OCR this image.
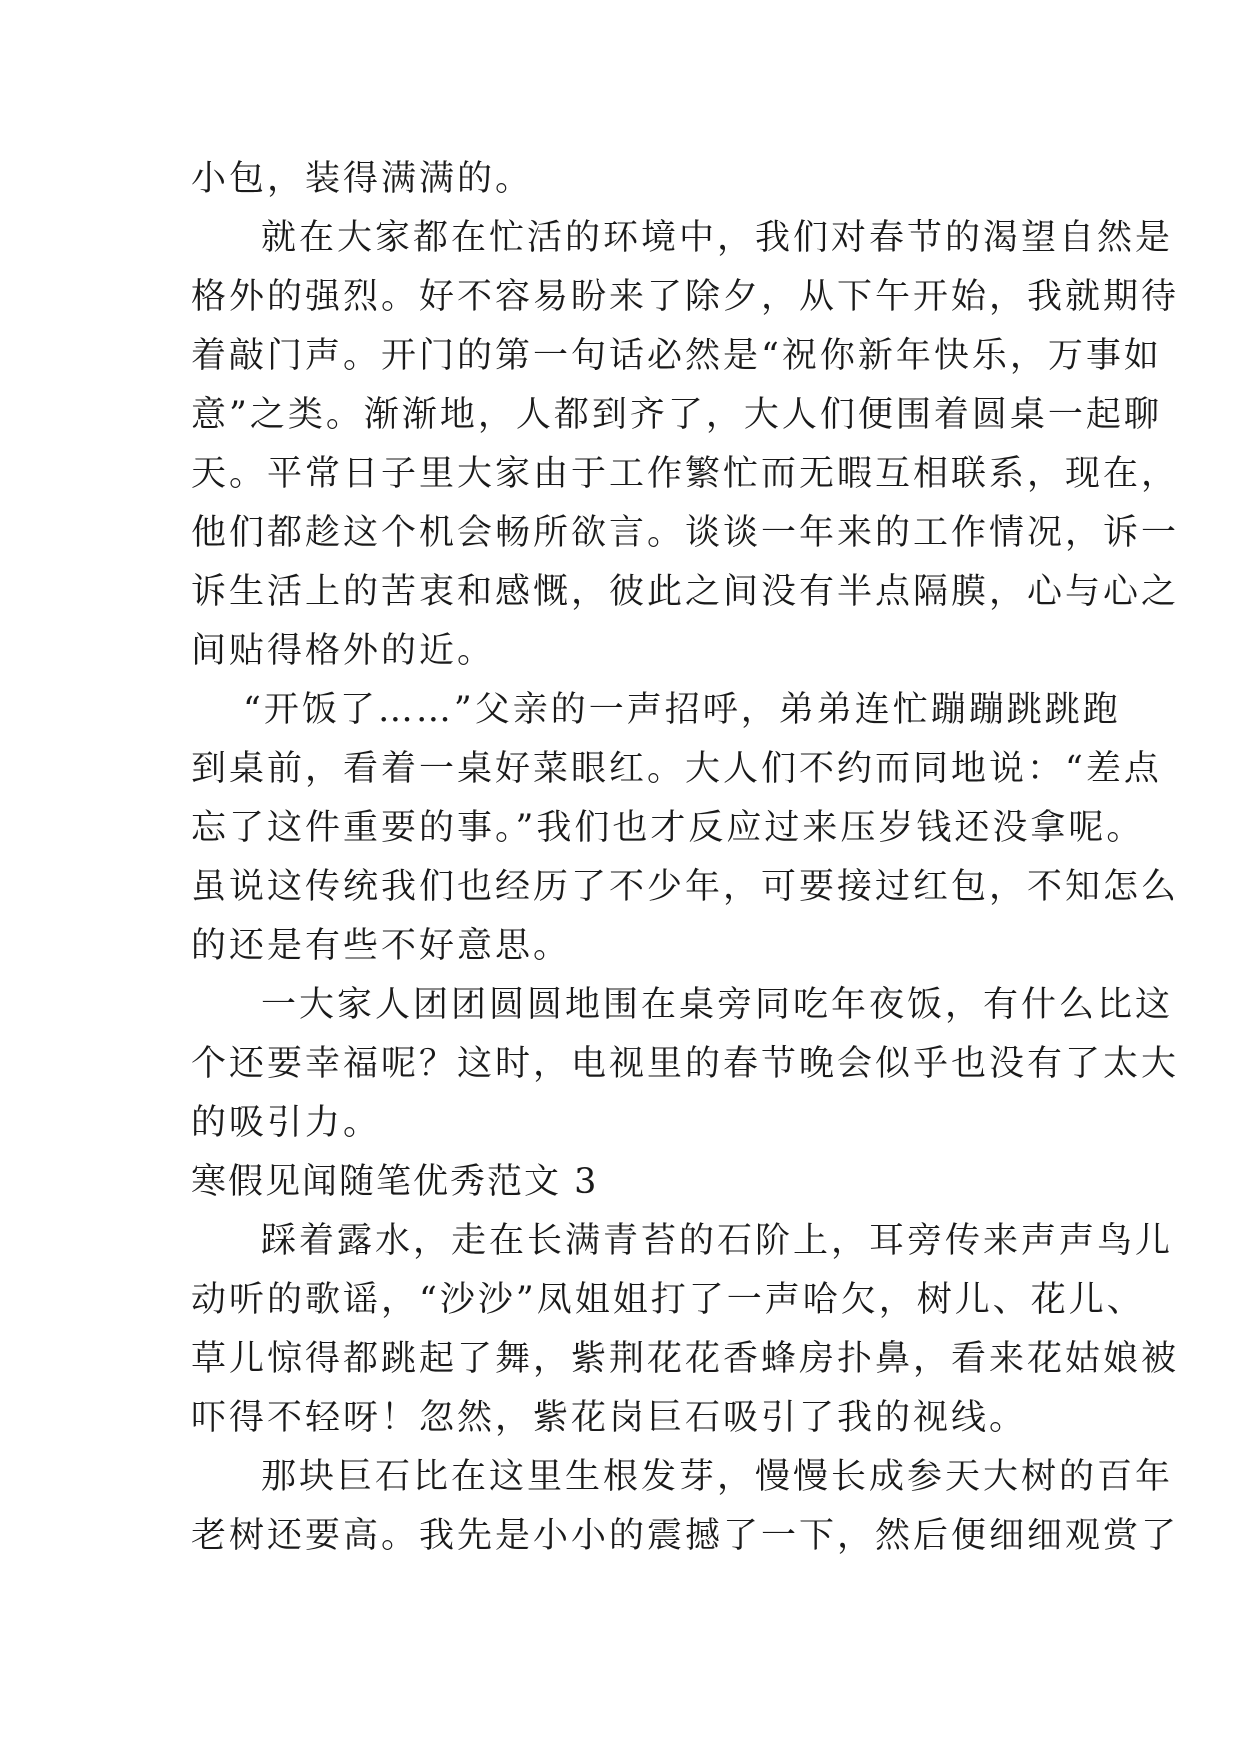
小包，装得满满的。
就在大家都在忙活的环境中，我们对春节的渴望自然是
格外的强烈。好不容易盼来了除夕，从下午开始，我就期待
着敲门声。开门的第一句话必然是“祝你新年快乐，万事如
意”之类。渐渐地，人都到齐了，大人们便围着圆桌一起聊
天。平常日子里大家由于工作繁忙而无暇互相联系，现在，
他们都趁这个机会畅所欲言。谈谈一年来的工作情况，诉一
诉生活上的苦衷和感慨，彼此之间没有半点隔膜，心与心之
间贴得格外的近。
“开饭了……”父亲的一声招呼，弟弟连忙蹦蹦跳跳跑
到桌前，看着一桌好菜眼红。大人们不约而同地说：“差点
忘了这件重要的事。”我们也才反应过来压岁钱还没拿呢。
虽说这传统我们也经历了不少年，可要接过红包，不知怎么
的还是有些不好意思。
一大家人团团圆圆地围在桌旁同吃年夜饭，有什么比这
个还要幸福呢？这时，电视里的春节晚会似乎也没有了太大
的吸引力。
寒假见闻随笔优秀范文 3
踩着露水，走在长满青苔的石阶上，耳旁传来声声鸟儿
动听的歌谣，“沙沙”凤姐姐打了一声哈欠，树儿、花儿、
草儿惊得都跳起了舞，紫荆花花香蜂房扑鼻，看来花姑娘被
吓得不轻呀！忽然，紫花岗巨石吸引了我的视线。
那块巨石比在这里生根发芽，慢慢长成参天大树的百年
老树还要高。我先是小小的震撼了一下，然后便细细观赏了
